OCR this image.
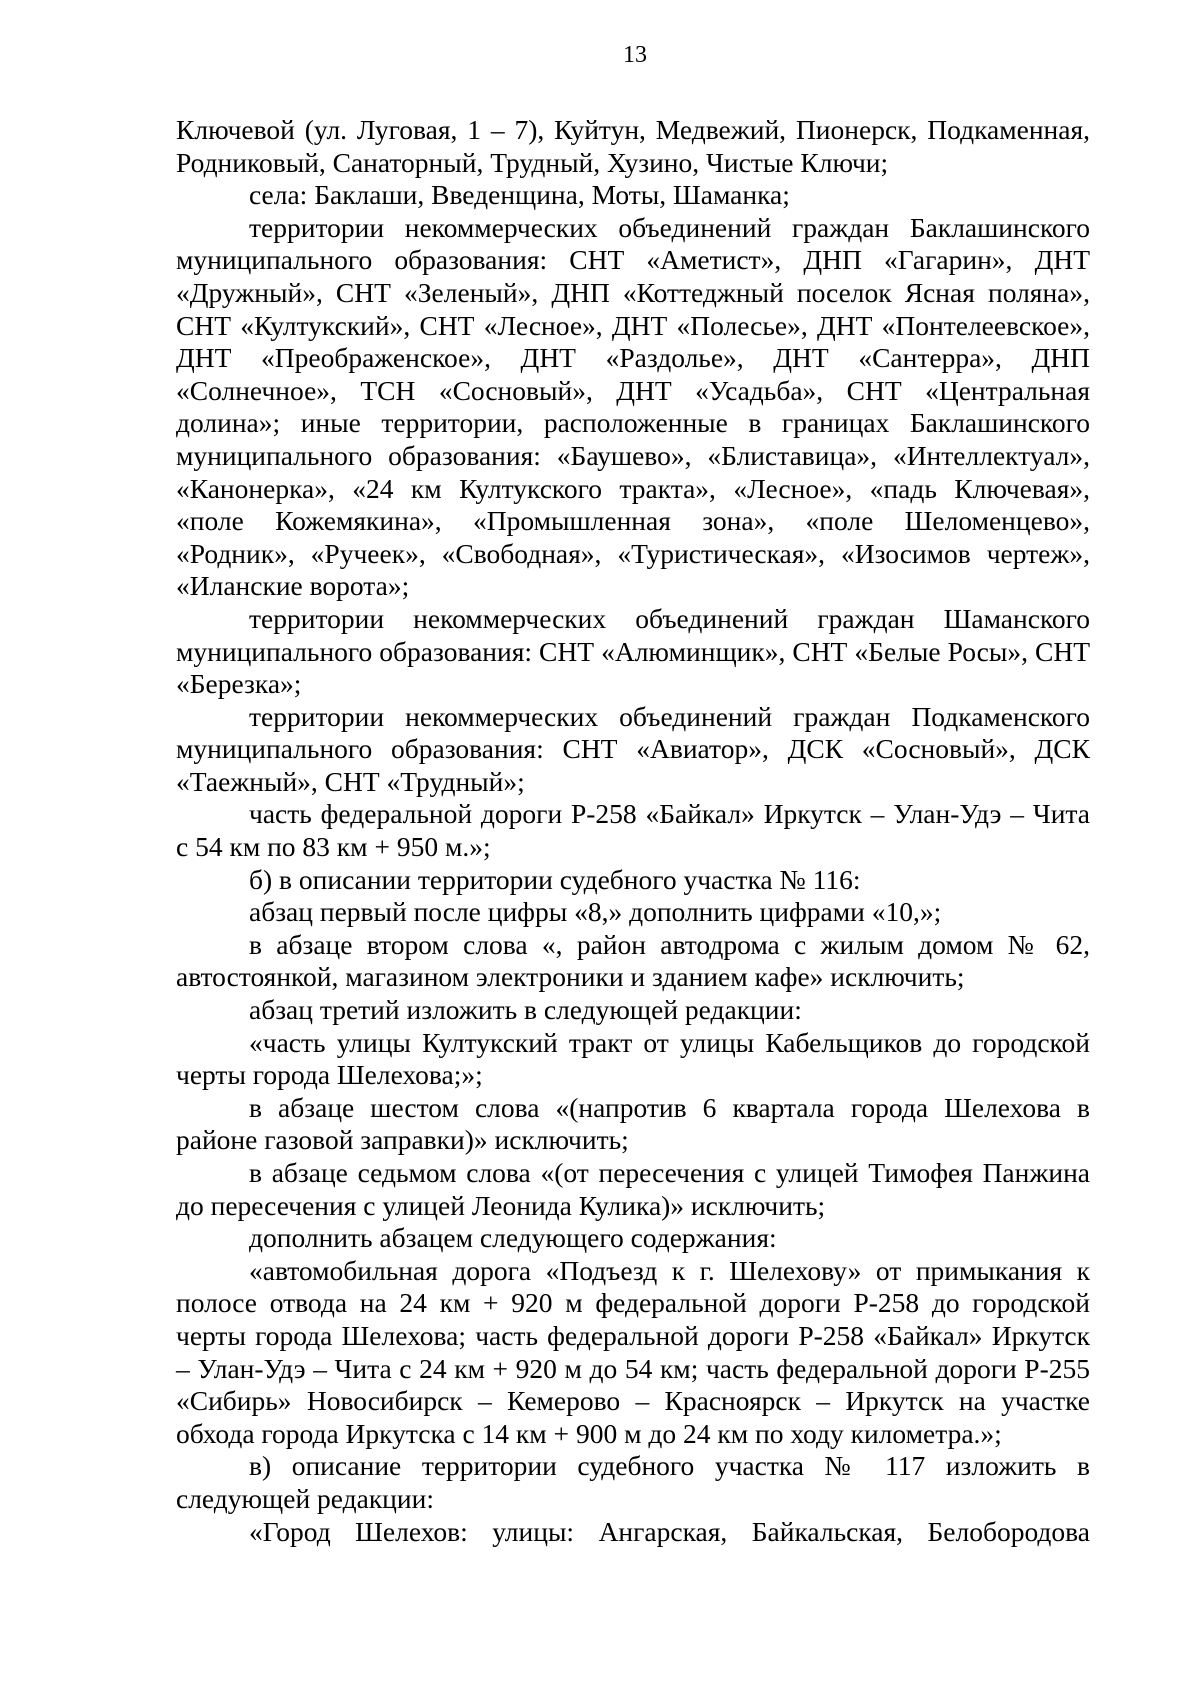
13

Ключевой (ул. Луговая, 1 – 7), Куйтун, Медвежий, Пионерск, Подкаменная, Родниковый, Санаторный, Трудный, Хузино, Чистые Ключи;

села: Баклаши, Введенщина, Моты, Шаманка;

территории некоммерческих объединений граждан Баклашинского муниципального образования: СНТ «Аметист», ДНП «Гагарин», ДНТ «Дружный», СНТ «Зеленый», ДНП «Коттеджный поселок Ясная поляна», СНТ «Култукский», СНТ «Лесное», ДНТ «Полесье», ДНТ «Понтелеевское», ДНТ «Преображенское», ДНТ «Раздолье», ДНТ «Сантерра», ДНП «Солнечное», ТСН «Сосновый», ДНТ «Усадьба», СНТ «Центральная долина»; иные территории, расположенные в границах Баклашинского муниципального образования: «Баушево», «Блиставица», «Интеллектуал», «Канонерка», «24 км Култукского тракта», «Лесное», «падь Ключевая», «поле Кожемякина», «Промышленная зона», «поле Шеломенцево», «Родник», «Ручеек», «Свободная», «Туристическая», «Изосимов чертеж», «Иланские ворота»;

территории некоммерческих объединений граждан Шаманского муниципального образования: СНТ «Алюминщик», СНТ «Белые Росы», СНТ «Березка»;

территории некоммерческих объединений граждан Подкаменского муниципального образования: СНТ «Авиатор», ДСК «Сосновый», ДСК «Таежный», СНТ «Трудный»;

часть федеральной дороги Р-258 «Байкал» Иркутск – Улан-Удэ – Чита с 54 км по 83 км + 950 м.»;

б) в описании территории судебного участка № 116:

абзац первый после цифры «8,» дополнить цифрами «10,»;

в абзаце втором слова «, район автодрома с жилым домом № 62, автостоянкой, магазином электроники и зданием кафе» исключить;

абзац третий изложить в следующей редакции:

«часть улицы Култукский тракт от улицы Кабельщиков до городской черты города Шелехова;»;

в абзаце шестом слова «(напротив 6 квартала города Шелехова в районе газовой заправки)» исключить;

в абзаце седьмом слова «(от пересечения с улицей Тимофея Панжина до пересечения с улицей Леонида Кулика)» исключить;

дополнить абзацем следующего содержания:

«автомобильная дорога «Подъезд к г. Шелехову» от примыкания к полосе отвода на 24 км + 920 м федеральной дороги Р-258 до городской черты города Шелехова; часть федеральной дороги Р-258 «Байкал» Иркутск – Улан-Удэ – Чита с 24 км + 920 м до 54 км; часть федеральной дороги Р-255 «Сибирь» Новосибирск – Кемерово – Красноярск – Иркутск на участке обхода города Иркутска с 14 км + 900 м до 24 км по ходу километра.»;

в) описание территории судебного участка № 117 изложить в следующей редакции:

«Город Шелехов: улицы: Ангарская, Байкальская, Белобородова
